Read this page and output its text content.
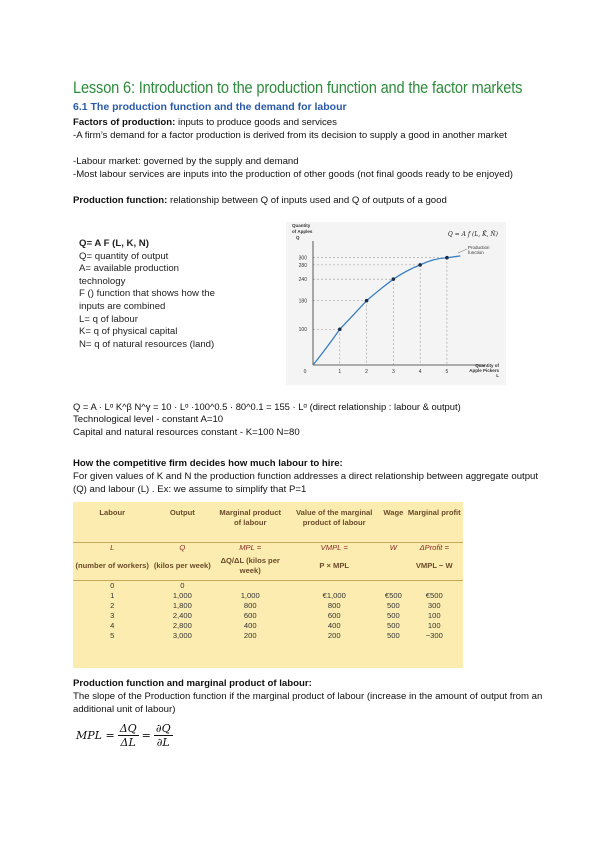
Lesson 6: Introduction to the production function and the factor markets
6.1 The production function and the demand for labour
Factors of production: inputs to produce goods and services
-A firm’s demand for a factor production is derived from its decision to supply a good in another market
-Labour market: governed by the supply and demand
-Most labour services are inputs into the production of other goods (not final goods ready to be enjoyed)
Production function: relationship between Q of inputs used and Q of outputs of a good
Q= A F (L, K, N)
Q= quantity of output
A= available production
technology
F () function that shows how the
inputs are combined
L= q of labour
K= q of physical capital
N= q of natural resources (land)
100
180
240
280
300
0	1	2	3	4	5
Quantity of Apples Q
Quantity of Apple Pickers L
Q = A f (L, K̄, N̄)
Production function
Q = A · Lᵅ K^β N^γ = 10 · Lᵅ ·100^0.5 · 80^0.1 = 155 · Lᵅ (direct relationship : labour & output)
Technological level - constant A=10
Capital and natural resources constant - K=100 N=80
How the competitive firm decides how much labour to hire:
For given values of K and N the production function addresses a direct relationship between aggregate output (Q) and labour (L) . Ex: we assume to simplify that P=1
Labour	Output	Marginal product of labour	Value of the marginal product of labour	Wage	Marginal profit
L	Q	MPL =	VMPL =	W	ΔProfit =
(number of workers)	(kilos per week)	ΔQ/ΔL (kilos per week)	P × MPL		VMPL − W
0	0				
1	1,000	1,000	€1,000	€500	€500
2	1,800	800	800	500	300
3	2,400	600	600	500	100
4	2,800	400	400	500	100
5	3,000	200	200	500	−300
Production function and marginal product of labour:
The slope of the Production function if the marginal product of labour (increase in the amount of output from an additional unit of labour)
MPL = $\frac{\Delta Q}{\Delta L} = \frac{\partial Q}{\partial L}$
